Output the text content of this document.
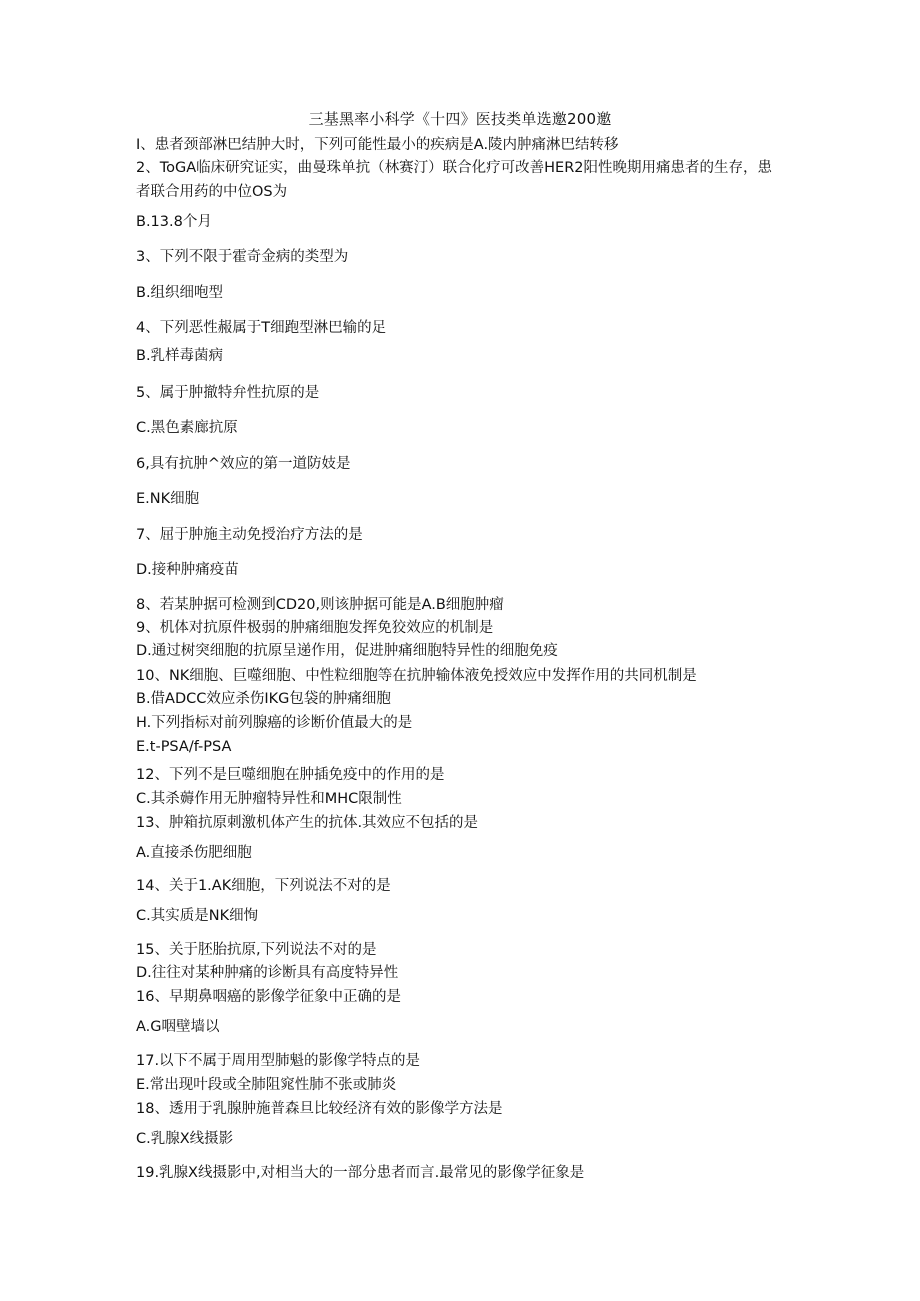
三基黑率小科学《十四》医技类单选邀200邀
I、患者颈部淋巴结肿大时，下列可能性最小的疾病是A.陵内肿痛淋巴结转移
2、ToGA临床研究证实，曲曼珠单抗（林赛汀）联合化疗可改善HER2阳性晚期用痛患者的生存，患者联合用药的中位OS为
B.13.8个月
3、下列不限于霍奇金病的类型为
B.组织细咆型
4、下列恶性赧属于T细跑型淋巴输的足
B.乳样毒菌病
5、属于肿撤特弁性抗原的是
C.黑色素廊抗原
6,具有抗肿^效应的第一道防妓是
E.NK细胞
7、屈于肿施主动免授治疗方法的是
D.接种肿痛疫苗
8、若某肿据可检测到CD20,则该肿据可能是A.B细胞肿瘤
9、机体对抗原件极弱的肿痛细胞发挥免狡效应的机制是
D.通过树突细胞的抗原呈递作用，促进肿痛细胞特异性的细胞免疫
10、NK细胞、巨噬细胞、中性粒细胞等在抗肿输体液免授效应中发挥作用的共同机制是
B.借ADCC效应杀伤IKG包袋的肿痛细胞
H.下列指标对前列腺癌的诊断价值最大的是
E.t-PSA∕f-PSA
12、下列不是巨噬细胞在肿插免疫中的作用的是
C.其杀薅作用无肿瘤特异性和MHC限制性
13、肿箱抗原刺激机体产生的抗体.其效应不包括的是
A.直接杀伤肥细胞
14、关于1.AK细胞，下列说法不对的是
C.其实质是NK细恂
15、关于胚胎抗原,下列说法不对的是
D.往往对某种肿痛的诊断具有高度特异性
16、早期鼻咽癌的影像学征象中正确的是
A.G咽壁墙以
17.以下不属于周用型肺魁的影像学特点的是
E.常出现叶段或全肺阻窕性肺不张或肺炎
18、透用于乳腺肿施普森旦比较经济有效的影像学方法是
C.乳腺X线摄影
19.乳腺X线摄影中,对相当大的一部分患者而言.最常见的影像学征象是
